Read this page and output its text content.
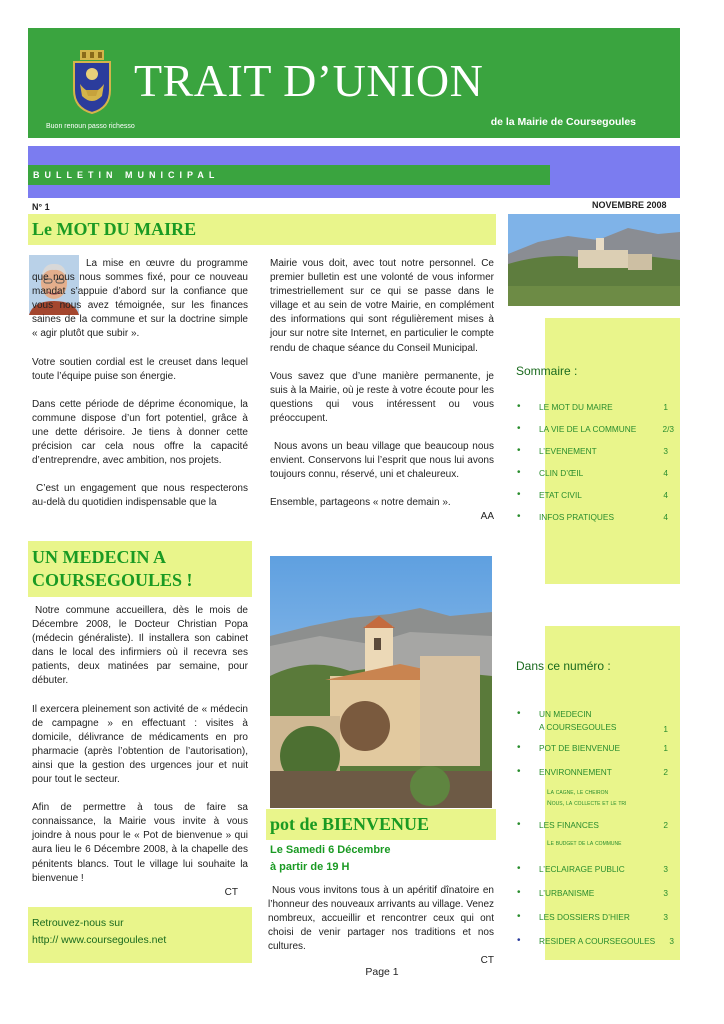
TRAIT D’UNION
Buon renoun passo richesso	de la Mairie de Coursegoules
BULLETIN MUNICIPAL
N° 1	NOVEMBRE 2008
Le MOT DU MAIRE

La mise en œuvre du programme que nous nous sommes fixé, pour ce nouveau mandat s’appuie d’abord sur la confiance que vous nous avez témoignée, sur les finances saines de la commune et sur la doctrine simple « agir plutôt que subir ».

Votre soutien cordial est le creuset dans lequel toute l’équipe puise son énergie.

Dans cette période de déprime économique, la commune dispose d’un fort potentiel, grâce à une dette dérisoire. Je tiens à donner cette précision car cela nous offre la capacité d’entreprendre, avec ambition, nos projets.

C’est un engagement que nous respecterons au-delà du quotidien indispensable que la

Mairie vous doit, avec tout notre personnel. Ce premier bulletin est une volonté de vous informer trimestriellement sur ce qui se passe dans le village et au sein de votre Mairie, en complément des informations qui sont régulièrement mises à jour sur notre site Internet, en particulier le compte rendu de chaque séance du Conseil Municipal.

Vous savez que d’une manière permanente, je suis à la Mairie, où je reste à votre écoute pour les questions qui vous intéressent ou vous préoccupent.

Nous avons un beau village que beaucoup nous envient. Conservons lui l’esprit que nous lui avons toujours connu, réservé, uni et chaleureux.

Ensemble, partageons « notre demain ».

AA
UN MEDECIN A
COURSEGOULES !

Notre commune accueillera, dès le mois de Décembre 2008, le Docteur Christian Popa (médecin généraliste). Il installera son cabinet dans le local des infirmiers où il recevra ses patients, deux matinées par semaine, pour débuter.

Il exercera pleinement son activité de « médecin de campagne » en effectuant : visites à domicile, délivrance de médicaments en pro pharmacie (après l’obtention de l’autorisation), ainsi que la gestion des urgences jour et nuit pour tout le secteur.

Afin de permettre à tous de faire sa connaissance, la Mairie vous invite à vous joindre à nous pour le « Pot de bienvenue » qui aura lieu le 6 Décembre 2008, à la chapelle des pénitents blancs. Tout le village lui souhaite la bienvenue !

CT
Retrouvez-nous sur
http:// www.coursegoules.net
pot de BIENVENUE
Le Samedi 6 Décembre
à partir de 19 H
Nous vous invitons tous à un apéritif dînatoire en l’honneur des nouveaux arrivants au village. Venez nombreux, accueillir et rencontrer ceux qui ont choisi de venir partager nos traditions et nos cultures.
CT
Sommaire :
• LE MOT DU MAIRE	1
• LA VIE DE LA COMMUNE	2/3
• L’EVENEMENT	3
• CLIN D’ŒIL	4
• ETAT CIVIL	4
• INFOS PRATIQUES	4
Dans ce numéro :
• UN MEDECIN
A COURSEGOULES	1
• POT DE BIENVENUE	1
• ENVIRONNEMENT	2
La cagne, le cheiron
Nous, la collecte et le tri
• LES FINANCES	2
Le budget de la commune
• L’ECLAIRAGE PUBLIC	3
• L’URBANISME	3
• LES DOSSIERS D’HIER	3
• RESIDER A COURSEGOULES 3
Page 1
